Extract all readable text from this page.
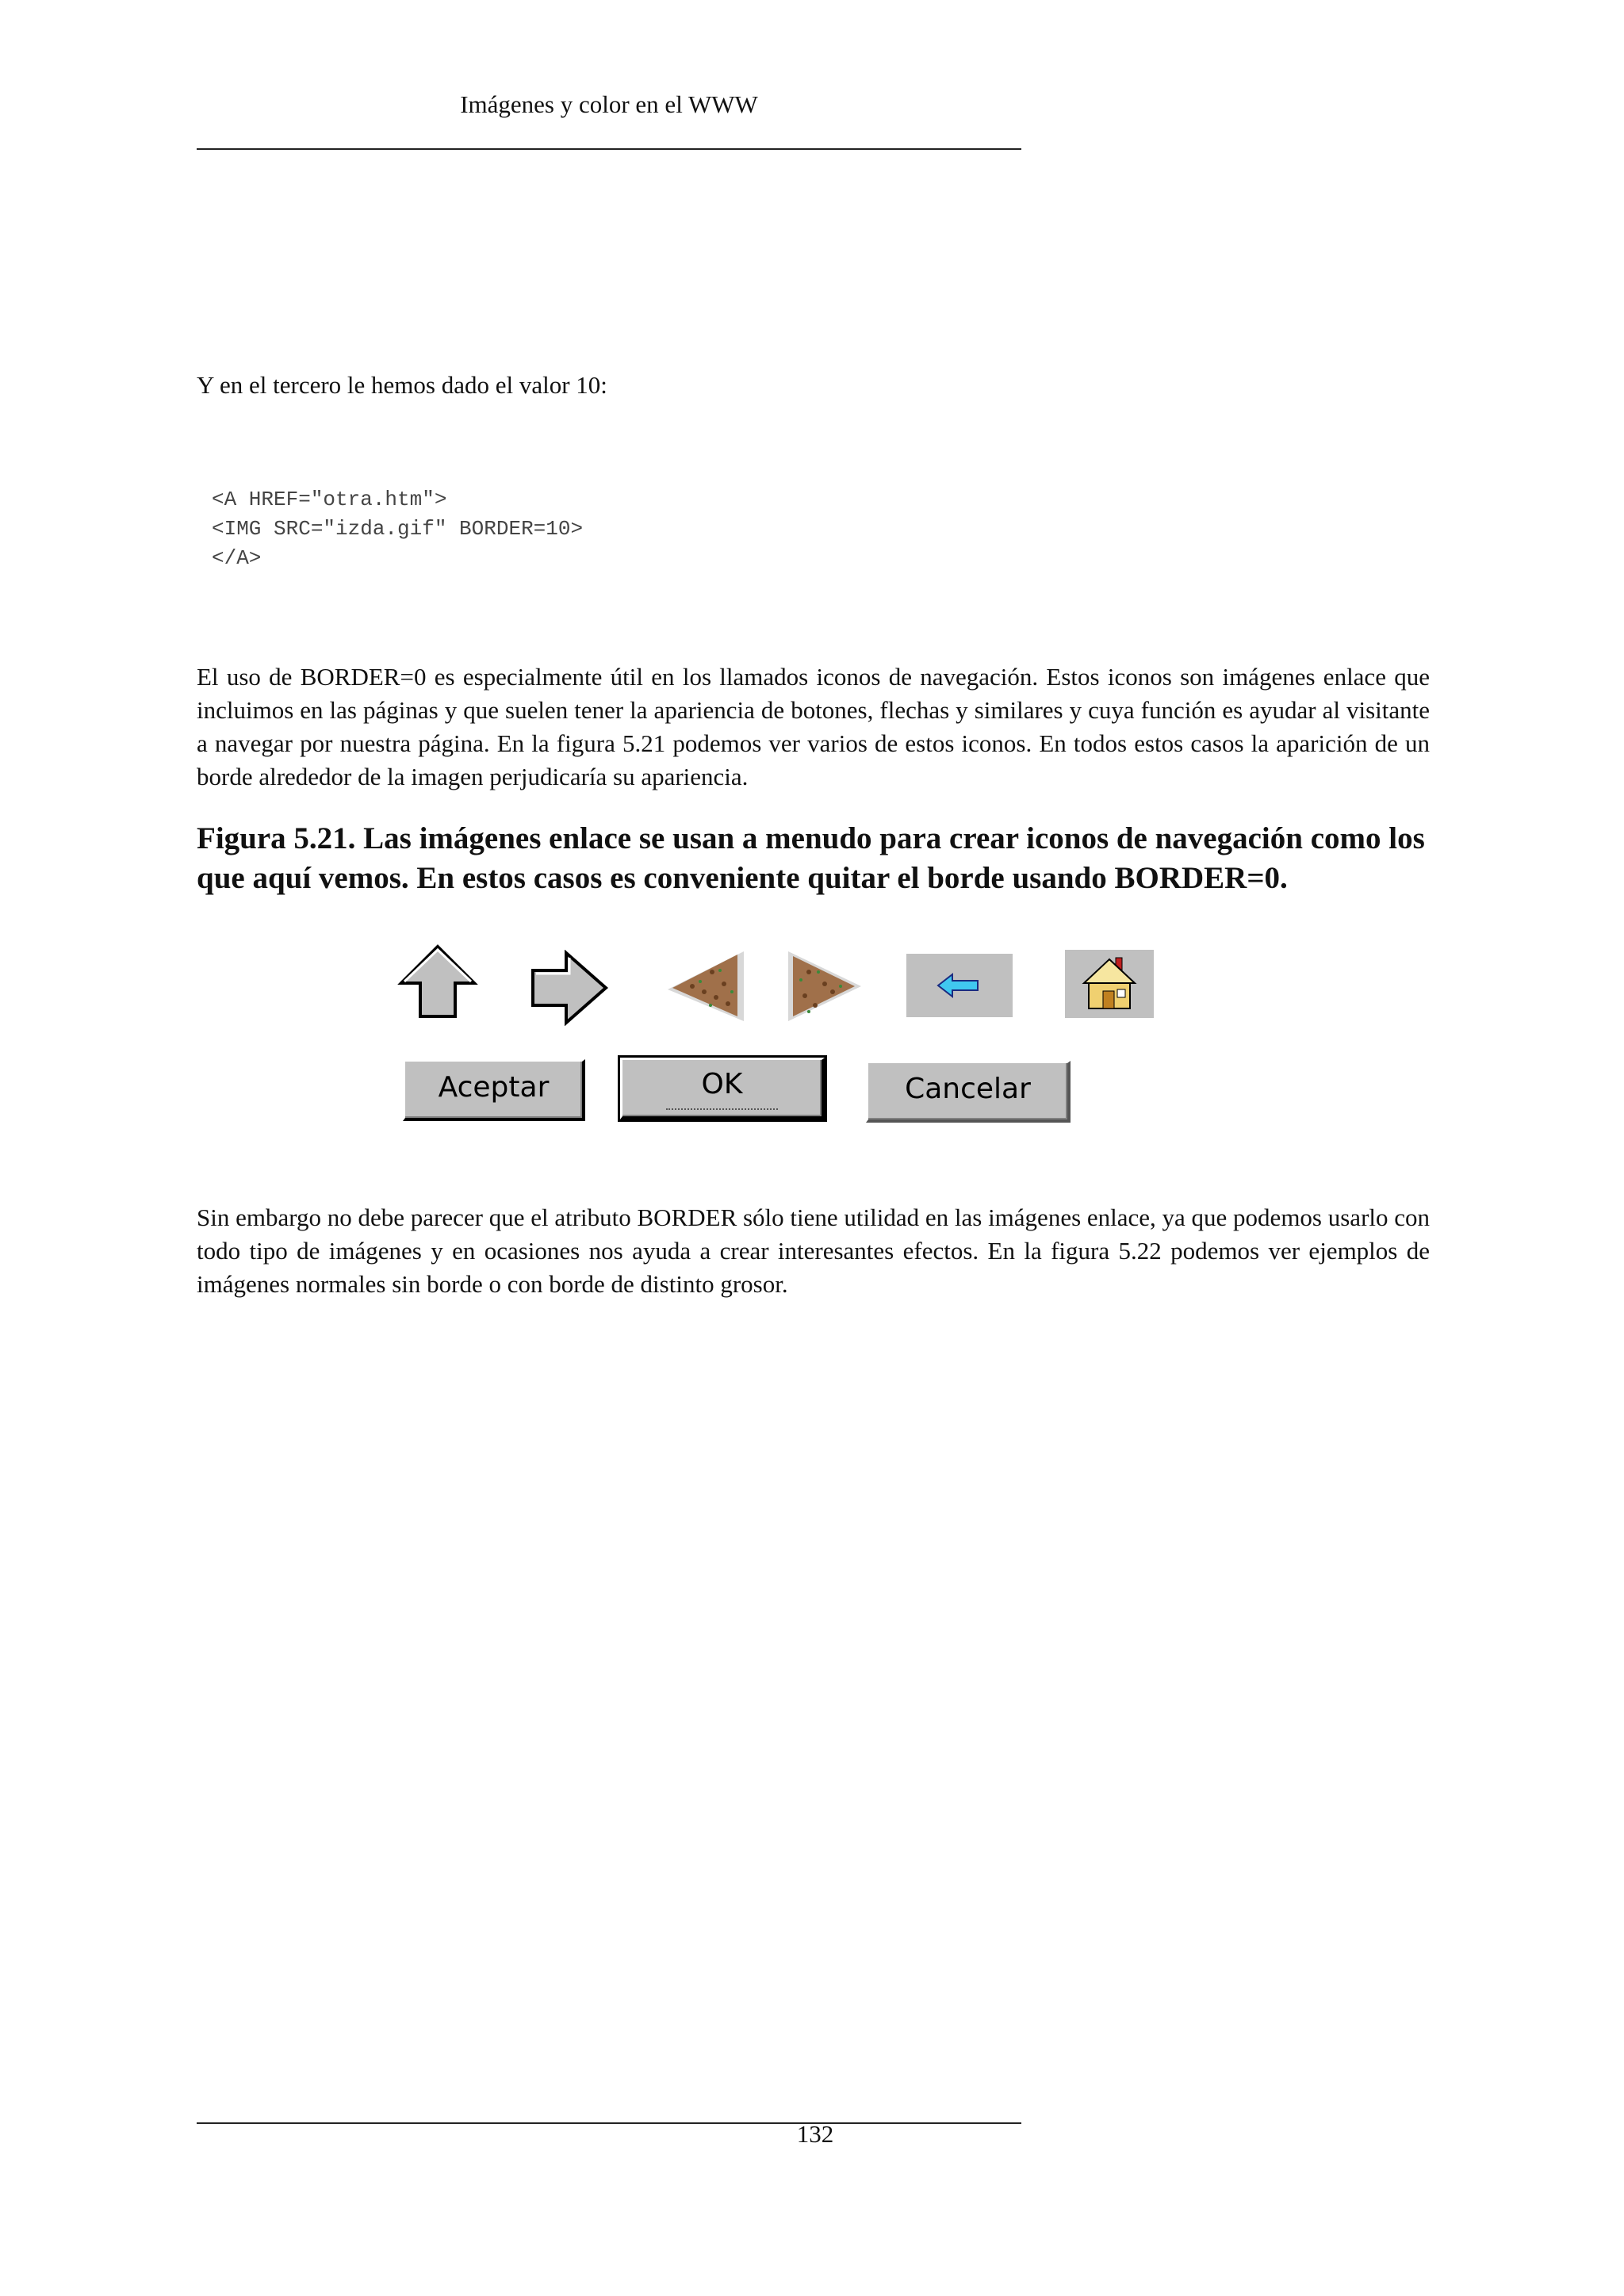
Imágenes y color en el WWW

Y en el tercero le hemos dado el valor 10:

<A HREF="otra.htm">
<IMG SRC="izda.gif" BORDER=10>
</A>

El uso de BORDER=0 es especialmente útil en los llamados iconos de navegación. Estos iconos son imágenes enlace que incluimos en las páginas y que suelen tener la apariencia de botones, flechas y similares y cuya función es ayudar al visitante a navegar por nuestra página. En la figura 5.21 podemos ver varios de estos iconos. En todos estos casos la aparición de un borde alrededor de la imagen perjudicaría su apariencia.

Figura 5.21. Las imágenes enlace se usan a menudo para crear iconos de navegación como los que aquí vemos. En estos casos es conveniente quitar el borde usando BORDER=0.

Aceptar	OK	Cancelar

Sin embargo no debe parecer que el atributo BORDER sólo tiene utilidad en las imágenes enlace, ya que podemos usarlo con todo tipo de imágenes y en ocasiones nos ayuda a crear interesantes efectos. En la figura 5.22 podemos ver ejemplos de imágenes normales sin borde o con borde de distinto grosor.

132
